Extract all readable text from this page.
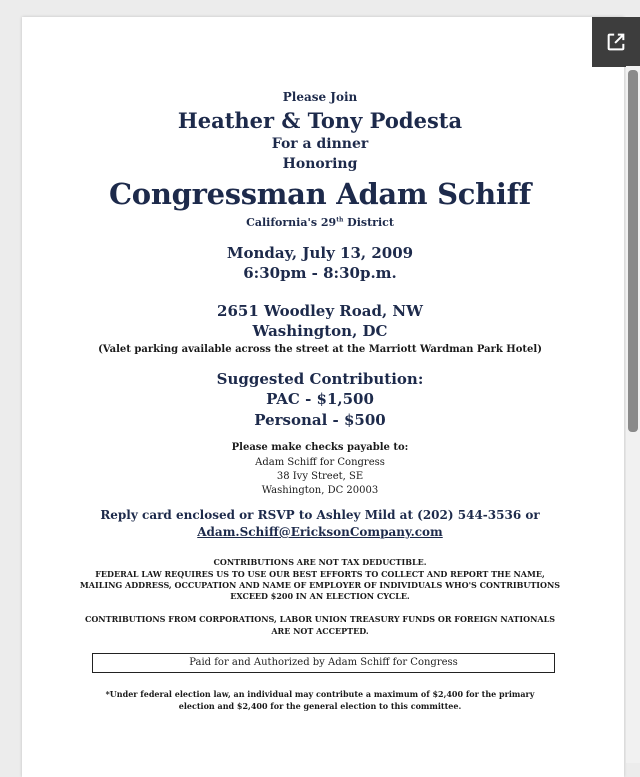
Please Join
Heather & Tony Podesta
For a dinner
Honoring
Congressman Adam Schiff
California's 29th District
Monday, July 13, 2009
6:30pm - 8:30p.m.
2651 Woodley Road, NW
Washington, DC
(Valet parking available across the street at the Marriott Wardman Park Hotel)
Suggested Contribution:
PAC - $1,500
Personal - $500
Please make checks payable to:
Adam Schiff for Congress
38 Ivy Street, SE
Washington, DC 20003
Reply card enclosed or RSVP to Ashley Mild at (202) 544-3536 or
Adam.Schiff@EricksonCompany.com
CONTRIBUTIONS ARE NOT TAX DEDUCTIBLE.
FEDERAL LAW REQUIRES US TO USE OUR BEST EFFORTS TO COLLECT AND REPORT THE NAME,
MAILING ADDRESS, OCCUPATION AND NAME OF EMPLOYER OF INDIVIDUALS WHO'S CONTRIBUTIONS
EXCEED $200 IN AN ELECTION CYCLE.
CONTRIBUTIONS FROM CORPORATIONS, LABOR UNION TREASURY FUNDS OR FOREIGN NATIONALS
ARE NOT ACCEPTED.
Paid for and Authorized by Adam Schiff for Congress
*Under federal election law, an individual may contribute a maximum of $2,400 for the primary
election and $2,400 for the general election to this committee.
